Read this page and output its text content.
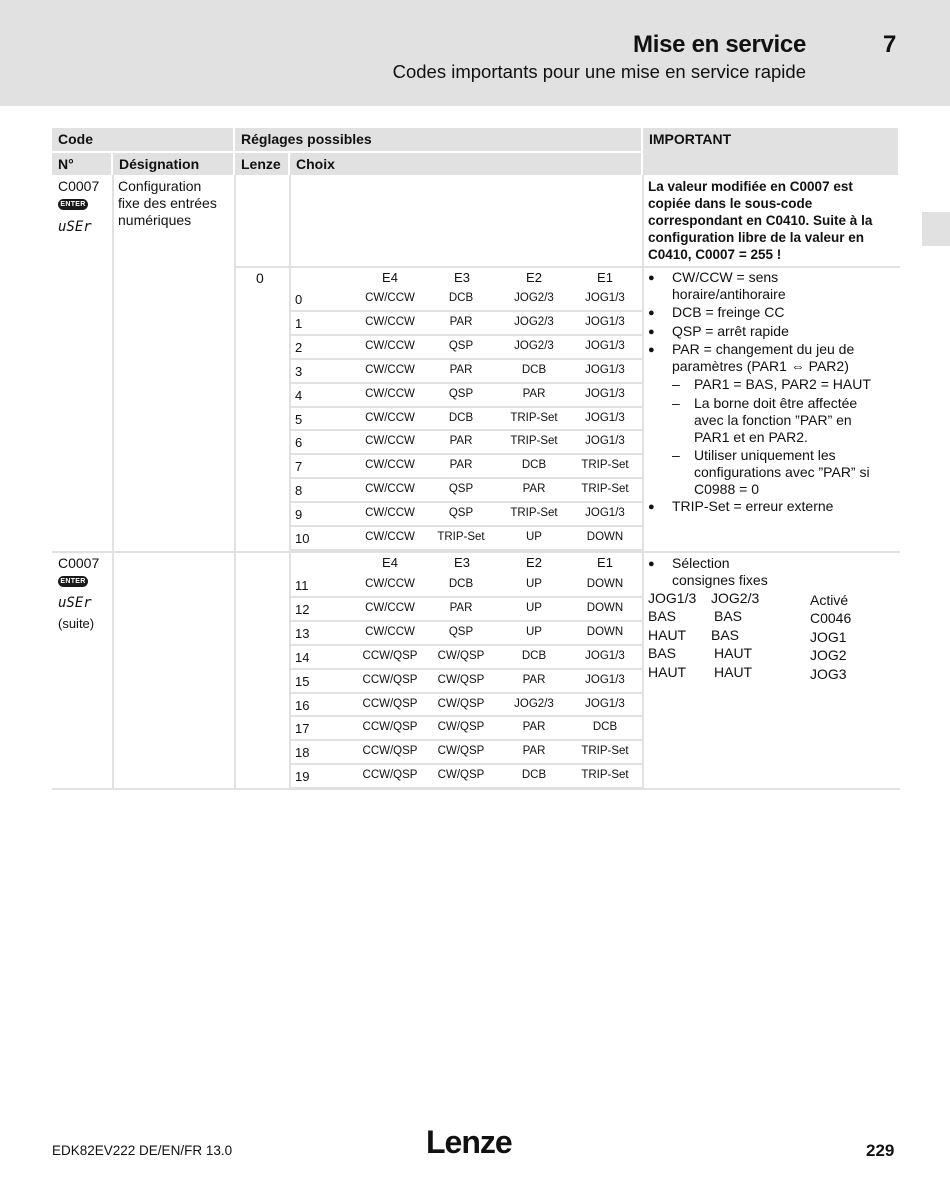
Mise en service	7
Codes importants pour une mise en service rapide
Code	Réglages possibles	IMPORTANT
N°	Désignation	Lenze Choix
C0007
ENTER
uSEr
Configuration
fixe des entrées
numériques
La valeur modifiée en C0007 est
copiée dans le sous-code
correspondant en C0410. Suite à la
configuration libre de la valeur en
C0410, C0007 = 255 !
0	E4	E3	E2	E1
0	CW/CCW	DCB	JOG2/3	JOG1/3
1	CW/CCW	PAR	JOG2/3	JOG1/3
2	CW/CCW	QSP	JOG2/3	JOG1/3
3	CW/CCW	PAR	DCB	JOG1/3
4	CW/CCW	QSP	PAR	JOG1/3
5	CW/CCW	DCB	TRIP-Set	JOG1/3
6	CW/CCW	PAR	TRIP-Set	JOG1/3
7	CW/CCW	PAR	DCB	TRIP-Set
8	CW/CCW	QSP	PAR	TRIP-Set
9	CW/CCW	QSP	TRIP-Set	JOG1/3
10	CW/CCW	TRIP-Set	UP	DOWN
● CW/CCW = sens
horaire/antihoraire
● DCB = freinge CC
● QSP = arrêt rapide
● PAR = changement du jeu de
paramètres (PAR1 ⇔ PAR2)
– PAR1 = BAS, PAR2 = HAUT
– La borne doit être affectée
avec la fonction ”PAR” en
PAR1 et en PAR2.
– Utiliser uniquement les
configurations avec ”PAR” si
C0988 = 0
● TRIP-Set = erreur externe
C0007
ENTER
uSEr
(suite)
E4	E3	E2	E1
11	CW/CCW	DCB	UP	DOWN
12	CW/CCW	PAR	UP	DOWN
13	CW/CCW	QSP	UP	DOWN
14	CCW/QSP	CW/QSP	DCB	JOG1/3
15	CCW/QSP	CW/QSP	PAR	JOG1/3
16	CCW/QSP	CW/QSP	JOG2/3	JOG1/3
17	CCW/QSP	CW/QSP	PAR	DCB
18	CCW/QSP	CW/QSP	PAR	TRIP-Set
19	CCW/QSP	CW/QSP	DCB	TRIP-Set
● Sélection
consignes fixes
JOG1/3 JOG2/3	Activé
BAS	BAS	C0046
HAUT BAS	JOG1
BAS	HAUT	JOG2
HAUT HAUT	JOG3
EDK82EV222 DE/EN/FR 13.0	Lenze	229
